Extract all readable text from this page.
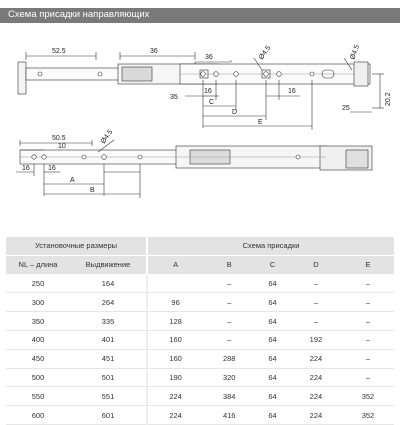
Схема присадки направляющих
52.5	36
36
35
16
C
D
E
16
Ø4.5	Ø4.5
25
20.2
50.5
10
Ø4.5
16	16
A
B
Установочные размеры		Схема присадки				
NL – длина	Выдвижение	A	B	C	D	E
250	164		–	64	–	–
300	264	96	–	64	–	–
350	335	128	–	64	–	–
400	401	160	–	64	192	–
450	451	160	288	64	224	–
500	501	190	320	64	224	–
550	551	224	384	64	224	352
600	601	224	416	64	224	352
